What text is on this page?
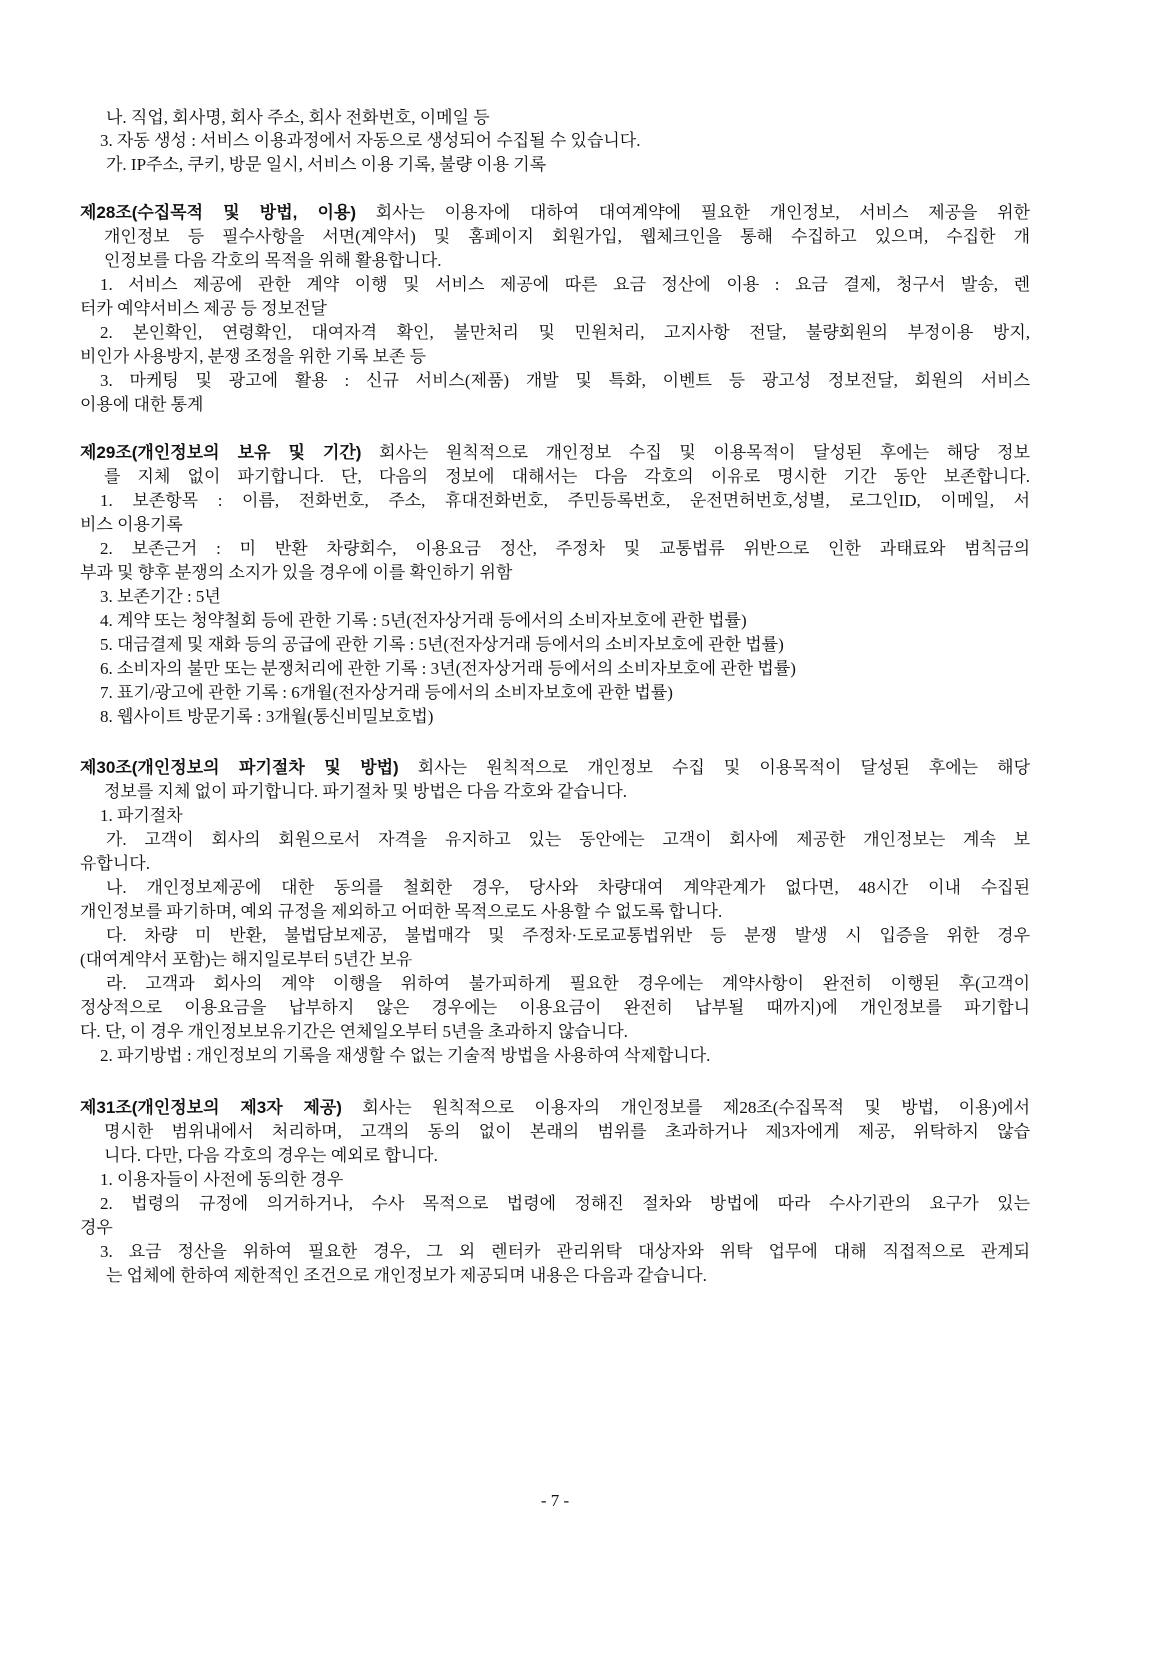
나. 직업, 회사명, 회사 주소, 회사 전화번호, 이메일 등
3. 자동 생성 : 서비스 이용과정에서 자동으로 생성되어 수집될 수 있습니다.
가. IP주소, 쿠키, 방문 일시, 서비스 이용 기록, 불량 이용 기록
제28조(수집목적 및 방법, 이용) 회사는 이용자에 대하여 대여계약에 필요한 개인정보, 서비스 제공을 위한
개인정보 등 필수사항을 서면(계약서) 및 홈페이지 회원가입, 웹체크인을 통해 수집하고 있으며, 수집한 개
인정보를 다음 각호의 목적을 위해 활용합니다.
1. 서비스 제공에 관한 계약 이행 및 서비스 제공에 따른 요금 정산에 이용 : 요금 결제, 청구서 발송, 렌
터카 예약서비스 제공 등 정보전달
2. 본인확인, 연령확인, 대여자격 확인, 불만처리 및 민원처리, 고지사항 전달, 불량회원의 부정이용 방지,
비인가 사용방지, 분쟁 조정을 위한 기록 보존 등
3. 마케팅 및 광고에 활용 : 신규 서비스(제품) 개발 및 특화, 이벤트 등 광고성 정보전달, 회원의 서비스
이용에 대한 통계
제29조(개인정보의 보유 및 기간) 회사는 원칙적으로 개인정보 수집 및 이용목적이 달성된 후에는 해당 정보
를 지체 없이 파기합니다. 단, 다음의 정보에 대해서는 다음 각호의 이유로 명시한 기간 동안 보존합니다.
1. 보존항목 : 이름, 전화번호, 주소, 휴대전화번호, 주민등록번호, 운전면허번호,성별, 로그인ID, 이메일, 서
비스 이용기록
2. 보존근거 : 미 반환 차량회수, 이용요금 정산, 주정차 및 교통법류 위반으로 인한 과태료와 범칙금의
부과 및 향후 분쟁의 소지가 있을 경우에 이를 확인하기 위함
3. 보존기간 : 5년
4. 계약 또는 청약철회 등에 관한 기록 : 5년(전자상거래 등에서의 소비자보호에 관한 법률)
5. 대금결제 및 재화 등의 공급에 관한 기록 : 5년(전자상거래 등에서의 소비자보호에 관한 법률)
6. 소비자의 불만 또는 분쟁처리에 관한 기록 : 3년(전자상거래 등에서의 소비자보호에 관한 법률)
7. 표기/광고에 관한 기록 : 6개월(전자상거래 등에서의 소비자보호에 관한 법률)
8. 웹사이트 방문기록 : 3개월(통신비밀보호법)
제30조(개인정보의 파기절차 및 방법) 회사는 원칙적으로 개인정보 수집 및 이용목적이 달성된 후에는 해당
정보를 지체 없이 파기합니다. 파기절차 및 방법은 다음 각호와 같습니다.
1. 파기절차
가. 고객이 회사의 회원으로서 자격을 유지하고 있는 동안에는 고객이 회사에 제공한 개인정보는 계속 보
유합니다.
나. 개인정보제공에 대한 동의를 철회한 경우, 당사와 차량대여 계약관계가 없다면, 48시간 이내 수집된
개인정보를 파기하며, 예외 규정을 제외하고 어떠한 목적으로도 사용할 수 없도록 합니다.
다. 차량 미 반환, 불법담보제공, 불법매각 및 주정차·도로교통법위반 등 분쟁 발생 시 입증을 위한 경우
(대여계약서 포함)는 해지일로부터 5년간 보유
라. 고객과 회사의 계약 이행을 위하여 불가피하게 필요한 경우에는 계약사항이 완전히 이행된 후(고객이
정상적으로 이용요금을 납부하지 않은 경우에는 이용요금이 완전히 납부될 때까지)에 개인정보를 파기합니
다. 단, 이 경우 개인정보보유기간은 연체일오부터 5년을 초과하지 않습니다.
2. 파기방법 : 개인정보의 기록을 재생할 수 없는 기술적 방법을 사용하여 삭제합니다.
제31조(개인정보의 제3자 제공) 회사는 원칙적으로 이용자의 개인정보를 제28조(수집목적 및 방법, 이용)에서
명시한 범위내에서 처리하며, 고객의 동의 없이 본래의 범위를 초과하거나 제3자에게 제공, 위탁하지 않습
니다. 다만, 다음 각호의 경우는 예외로 합니다.
1. 이용자들이 사전에 동의한 경우
2. 법령의 규정에 의거하거나, 수사 목적으로 법령에 정해진 절차와 방법에 따라 수사기관의 요구가 있는
경우
3. 요금 정산을 위하여 필요한 경우, 그 외 렌터카 관리위탁 대상자와 위탁 업무에 대해 직접적으로 관계되
는 업체에 한하여 제한적인 조건으로 개인정보가 제공되며 내용은 다음과 같습니다.
- 7 -
